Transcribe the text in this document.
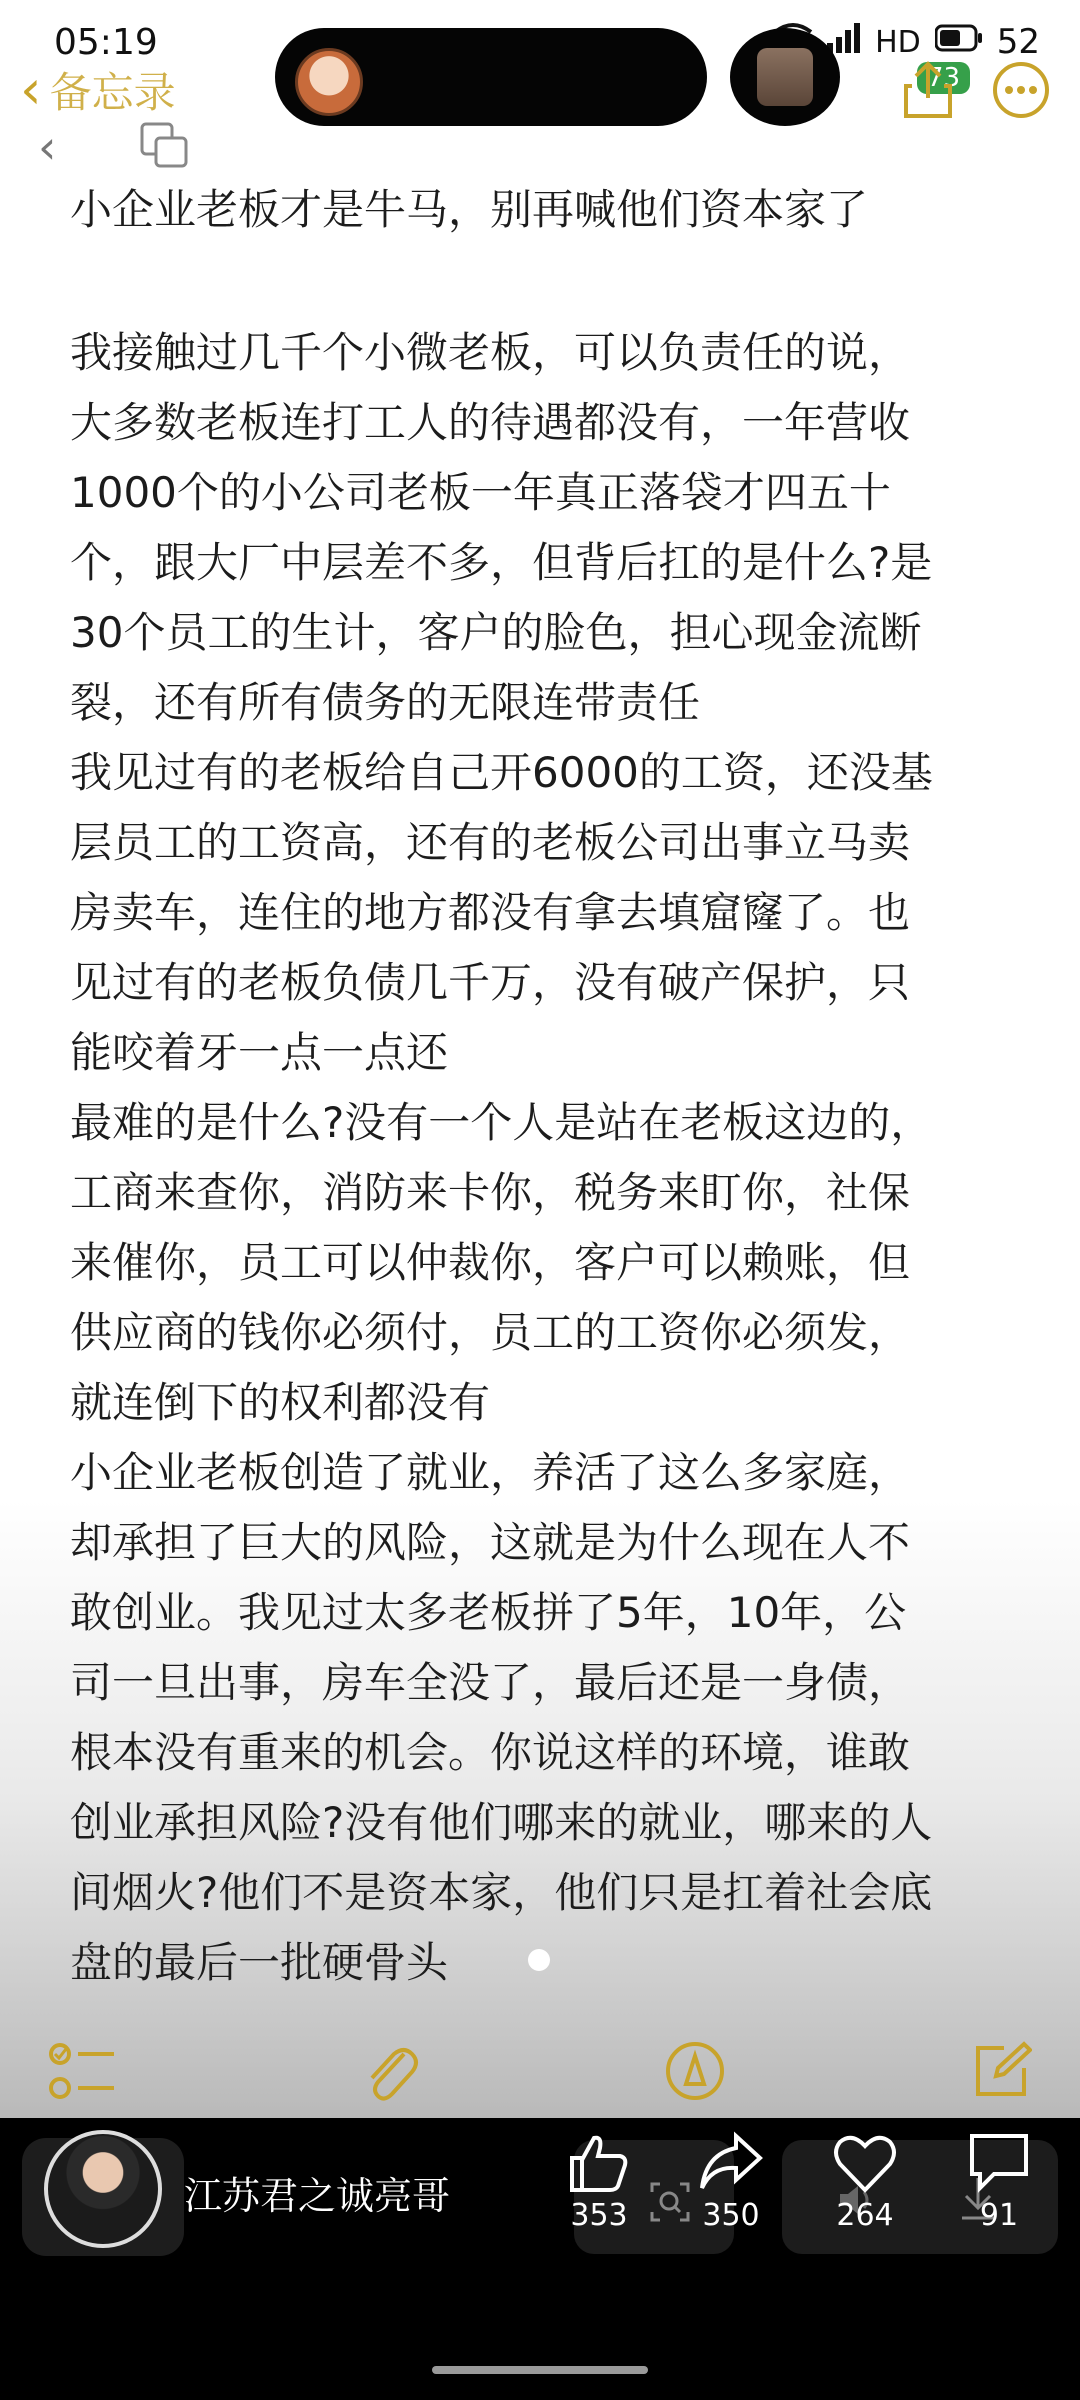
05:19	HD 52
‹ 备忘录	73
‹
小企业老板才是牛马，别再喊他们资本家了
我接触过几千个小微老板，可以负责任的说，
大多数老板连打工人的待遇都没有，一年营收
1000个的小公司老板一年真正落袋才四五十
个，跟大厂中层差不多，但背后扛的是什么?是
30个员工的生计，客户的脸色，担心现金流断
裂，还有所有债务的无限连带责任
我见过有的老板给自己开6000的工资，还没基
层员工的工资高，还有的老板公司出事立马卖
房卖车，连住的地方都没有拿去填窟窿了。也
见过有的老板负债几千万，没有破产保护，只
能咬着牙一点一点还
最难的是什么?没有一个人是站在老板这边的，
工商来查你，消防来卡你，税务来盯你，社保
来催你，员工可以仲裁你，客户可以赖账，但
供应商的钱你必须付，员工的工资你必须发，
就连倒下的权利都没有
小企业老板创造了就业，养活了这么多家庭，
却承担了巨大的风险，这就是为什么现在人不
敢创业。我见过太多老板拼了5年，10年，公
司一旦出事，房车全没了，最后还是一身债，
根本没有重来的机会。你说这样的环境，谁敢
创业承担风险?没有他们哪来的就业，哪来的人
间烟火?他们不是资本家，他们只是扛着社会底
盘的最后一批硬骨头
江苏君之诚亮哥	353	350	264	91
